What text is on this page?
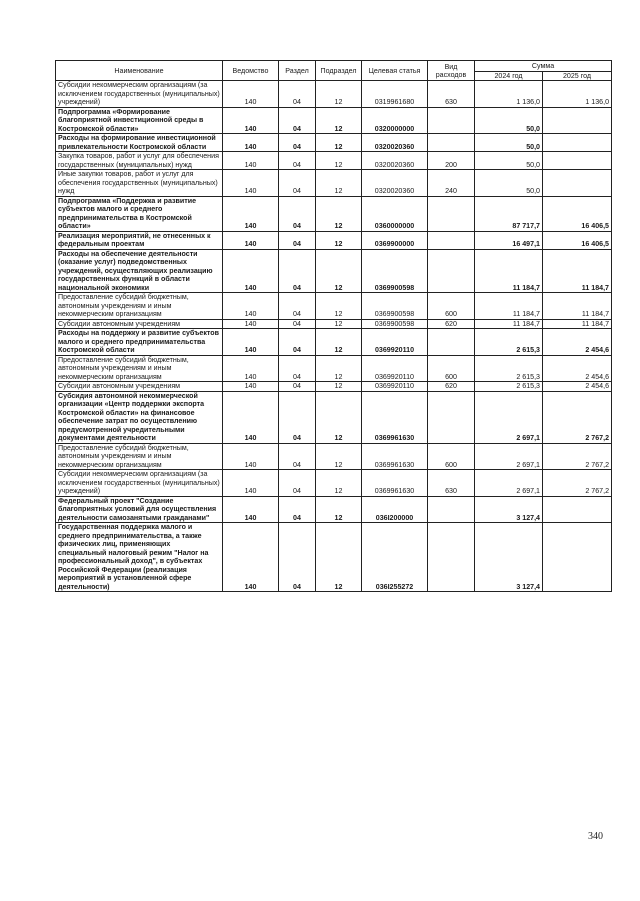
Наименование	Ведомство	Раздел	Подраздел	Целевая статья	Вид расходов	Сумма	
						2024 год	2025 год
Субсидии некоммерческим организациям (за исключением государственных (муниципальных) учреждений)	140	04	12	0319961680	630	1 136,0	1 136,0
Подпрограмма «Формирование благоприятной инвестиционной среды в Костромской области»	140	04	12	0320000000		50,0	
Расходы на формирование инвестиционной привлекательности Костромской области	140	04	12	0320020360		50,0	
Закупка товаров, работ и услуг для обеспечения государственных (муниципальных) нужд	140	04	12	0320020360	200	50,0	
Иные закупки товаров, работ и услуг для обеспечения государственных (муниципальных) нужд	140	04	12	0320020360	240	50,0	
Подпрограмма «Поддержка и развитие субъектов малого и среднего предпринимательства в Костромской области»	140	04	12	0360000000		87 717,7	16 406,5
Реализация мероприятий, не отнесенных к федеральным проектам	140	04	12	0369900000		16 497,1	16 406,5
Расходы на обеспечение деятельности (оказание услуг) подведомственных учреждений, осуществляющих реализацию государственных функций в области национальной экономики	140	04	12	0369900598		11 184,7	11 184,7
Предоставление субсидий бюджетным, автономным учреждениям и иным некоммерческим организациям	140	04	12	0369900598	600	11 184,7	11 184,7
Субсидии автономным учреждениям	140	04	12	0369900598	620	11 184,7	11 184,7
Расходы на поддержку и развитие субъектов малого и среднего предпринимательства Костромской области	140	04	12	0369920110		2 615,3	2 454,6
Предоставление субсидий бюджетным, автономным учреждениям и иным некоммерческим организациям	140	04	12	0369920110	600	2 615,3	2 454,6
Субсидии автономным учреждениям	140	04	12	0369920110	620	2 615,3	2 454,6
Субсидия автономной некоммерческой организации «Центр поддержки экспорта Костромской области» на финансовое обеспечение затрат по осуществлению предусмотренной учредительными документами деятельности	140	04	12	0369961630		2 697,1	2 767,2
Предоставление субсидий бюджетным, автономным учреждениям и иным некоммерческим организациям	140	04	12	0369961630	600	2 697,1	2 767,2
Субсидии некоммерческим организациям (за исключением государственных (муниципальных) учреждений)	140	04	12	0369961630	630	2 697,1	2 767,2
Федеральный проект "Создание благоприятных условий для осуществления деятельности самозанятыми гражданами"	140	04	12	036I200000		3 127,4	
Государственная поддержка малого и среднего предпринимательства, а также физических лиц, применяющих специальный налоговый режим "Налог на профессиональный доход", в субъектах Российской Федерации (реализация мероприятий в установленной сфере деятельности)	140	04	12	036I255272		3 127,4	
340
